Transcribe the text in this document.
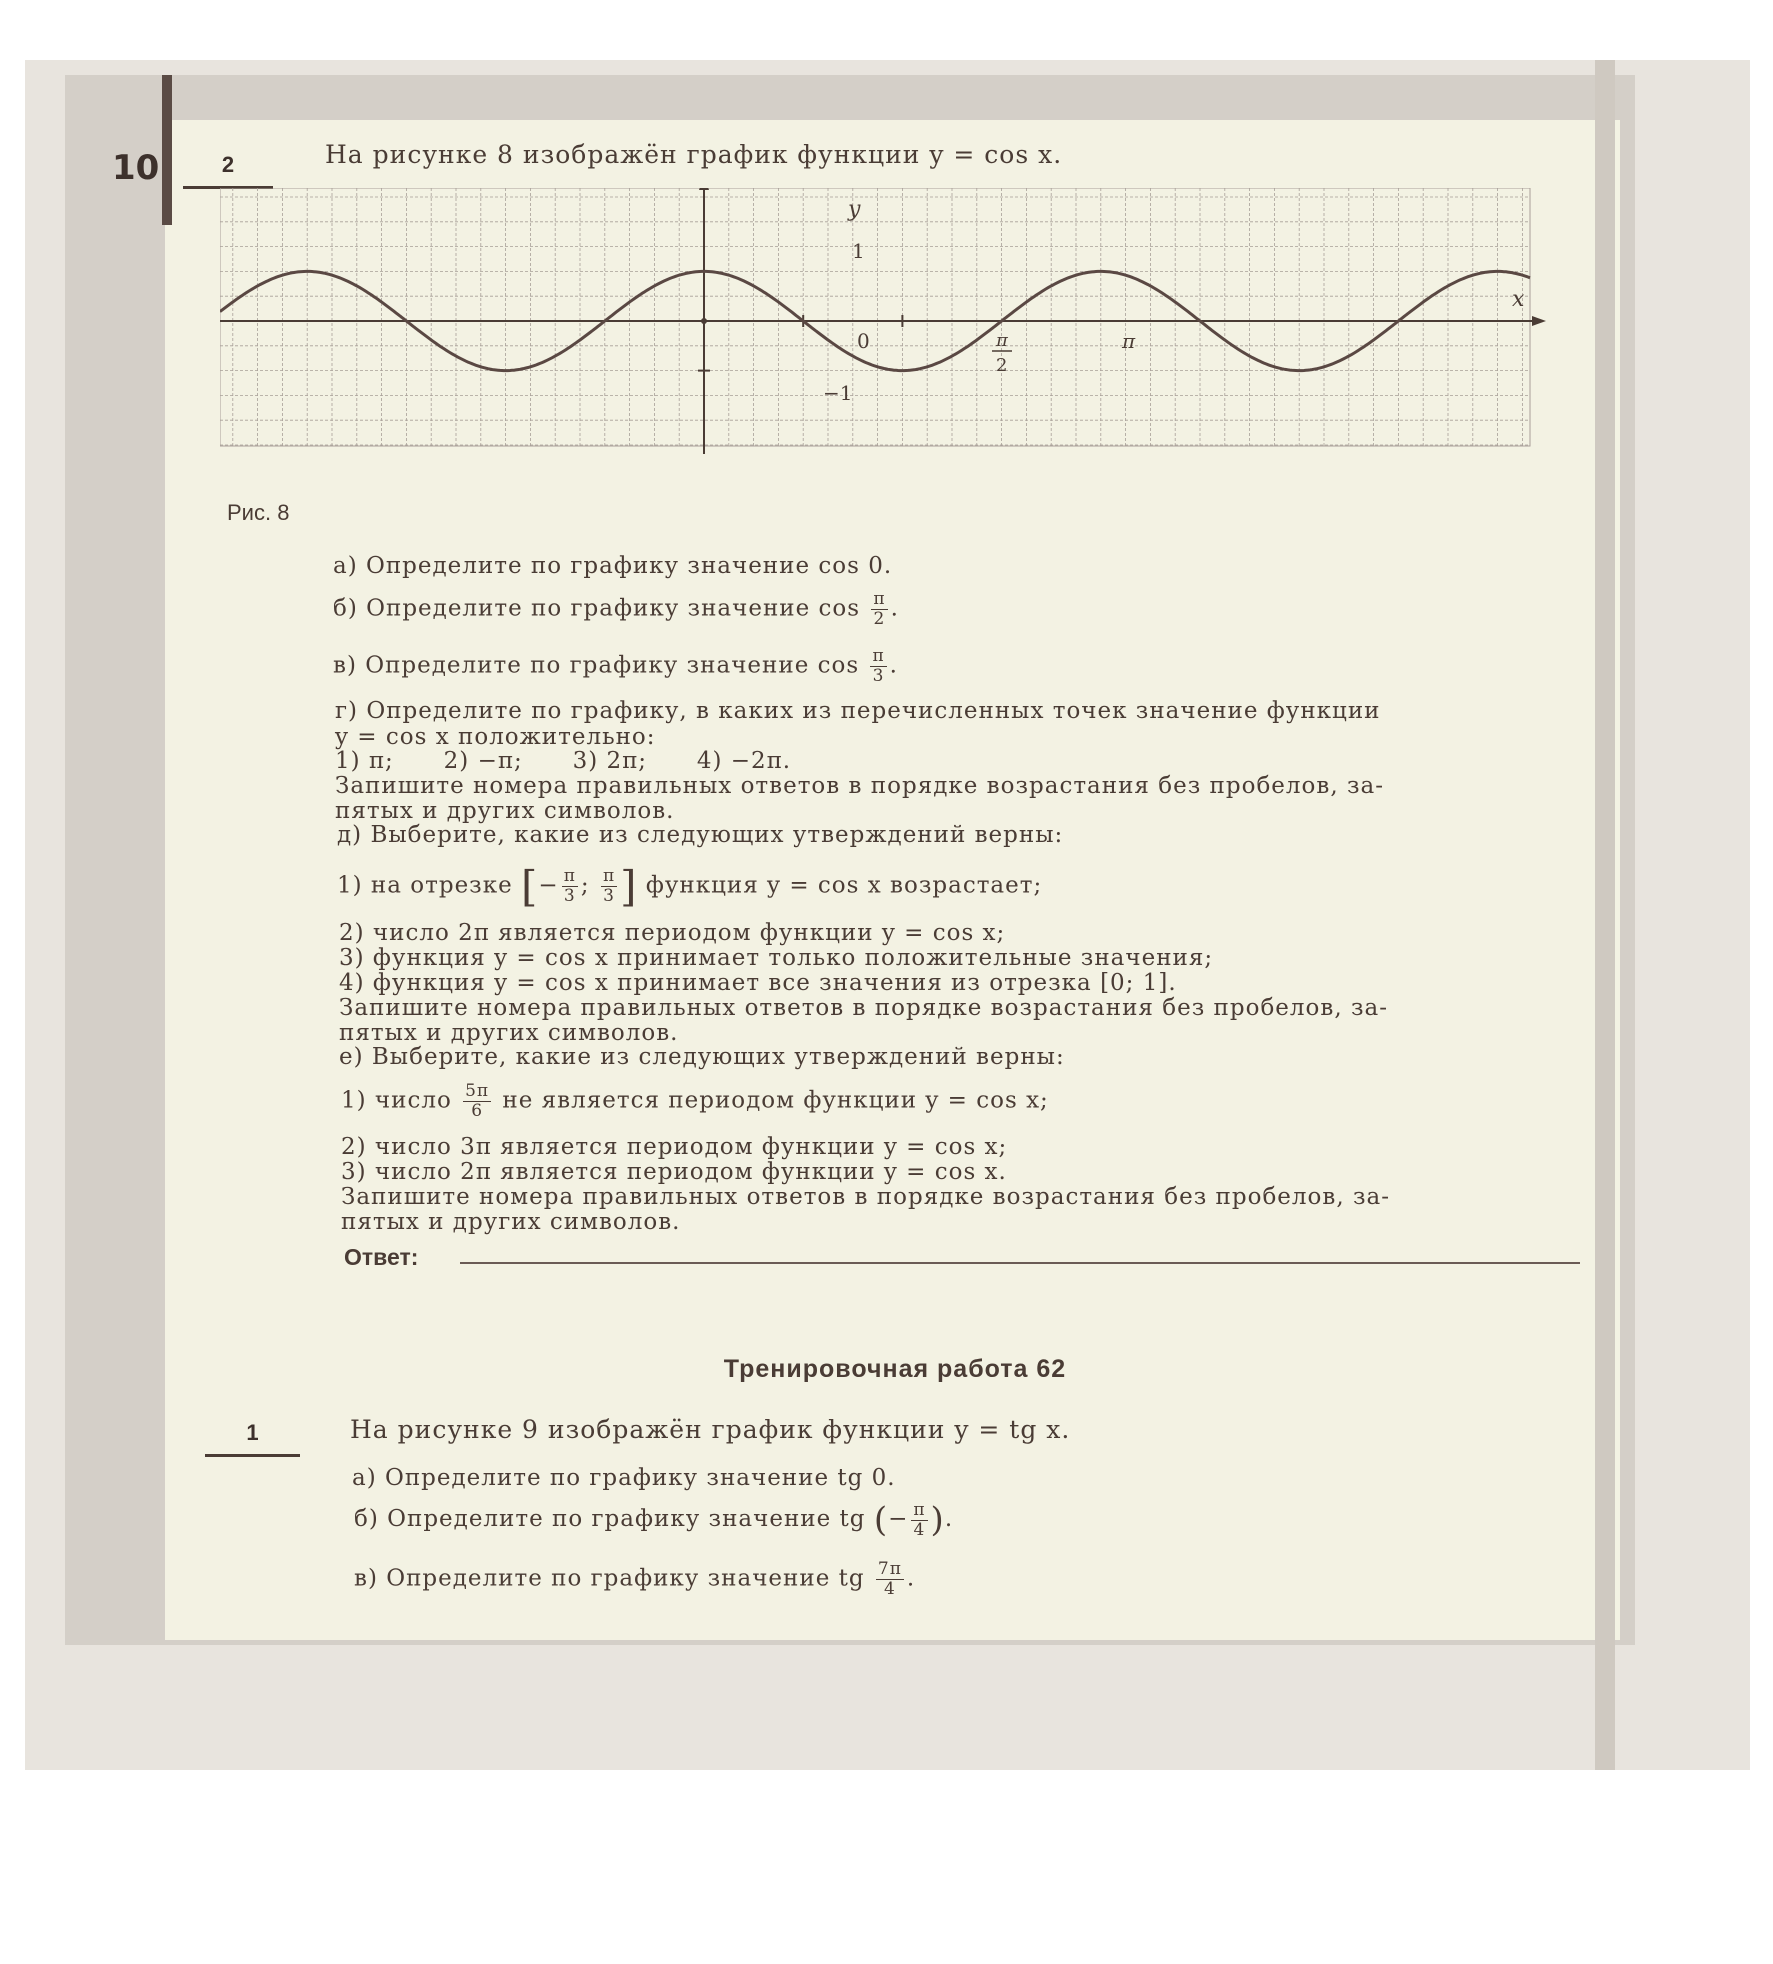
10	2	На рисунке 8 изображён график функции y = cos x.
y
x
1
−1
0	π
π
2
Рис. 8
а) Определите по графику значение cos 0.
б) Определите по графику значение $\cos \frac{\pi}{2}$ .
в) Определите по графику значение $\cos \frac{\pi}{3}$ .
г) Определите по графику, в каких из перечисленных точек значение функции
y = cos x положительно:
1) π;      2) −π;      3) 2π;      4) −2π.
Запишите номера правильных ответов в порядке возрастания без пробелов, за-
пятых и других символов.
д) Выберите, какие из следующих утверждений верны:
1) на отрезке [− $\frac{\pi}{3}$ ; $\frac{\pi}{3}$ ] функция y = cos x возрастает;
2) число 2π является периодом функции y = cos x;
3) функция y = cos x принимает только положительные значения;
4) функция y = cos x принимает все значения из отрезка [0; 1].
Запишите номера правильных ответов в порядке возрастания без пробелов, за-
пятых и других символов.
е) Выберите, какие из следующих утверждений верны:
1) число $\frac{5\pi}{6}$ не является периодом функции y = cos x;
2) число 3π является периодом функции y = cos x;
3) число 2π является периодом функции y = cos x.
Запишите номера правильных ответов в порядке возрастания без пробелов, за-
пятых и других символов.
Ответ:
Тренировочная работа 62
1	На рисунке 9 изображён график функции y = tg x.
а) Определите по графику значение tg 0.
б) Определите по графику значение tg (− $\frac{\pi}{4}$ ).
в) Определите по графику значение tg $\frac{7\pi}{4}$ .
